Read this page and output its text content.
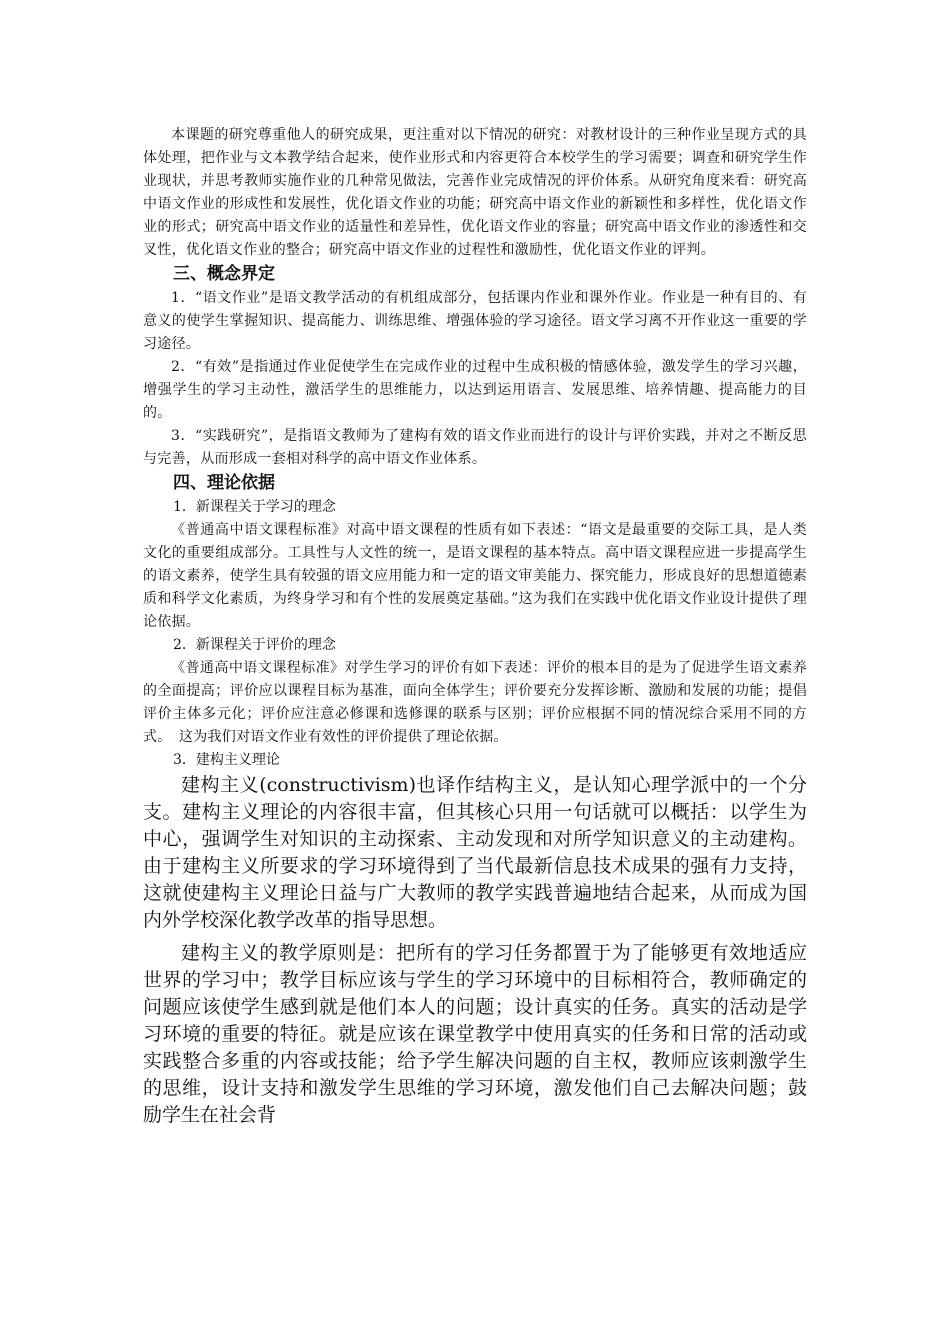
本课题的研究尊重他人的研究成果，更注重对以下情况的研究：对教材设计的三种作业呈现方式的具体处理，把作业与文本教学结合起来，使作业形式和内容更符合本校学生的学习需要；调查和研究学生作业现状，并思考教师实施作业的几种常见做法，完善作业完成情况的评价体系。从研究角度来看：研究高中语文作业的形成性和发展性，优化语文作业的功能；研究高中语文作业的新颖性和多样性，优化语文作业的形式；研究高中语文作业的适量性和差异性，优化语文作业的容量；研究高中语文作业的渗透性和交叉性，优化语文作业的整合；研究高中语文作业的过程性和激励性，优化语文作业的评判。

三、概念界定

1．“语文作业”是语文教学活动的有机组成部分，包括课内作业和课外作业。作业是一种有目的、有意义的使学生掌握知识、提高能力、训练思维、增强体验的学习途径。语文学习离不开作业这一重要的学习途径。

2．“有效”是指通过作业促使学生在完成作业的过程中生成积极的情感体验，激发学生的学习兴趣，增强学生的学习主动性，激活学生的思维能力，以达到运用语言、发展思维、培养情趣、提高能力的目的。

3．“实践研究”，是指语文教师为了建构有效的语文作业而进行的设计与评价实践，并对之不断反思与完善，从而形成一套相对科学的高中语文作业体系。

四、理论依据

1．新课程关于学习的理念

《普通高中语文课程标准》对高中语文课程的性质有如下表述：“语文是最重要的交际工具，是人类文化的重要组成部分。工具性与人文性的统一，是语文课程的基本特点。高中语文课程应进一步提高学生的语文素养，使学生具有较强的语文应用能力和一定的语文审美能力、探究能力，形成良好的思想道德素质和科学文化素质，为终身学习和有个性的发展奠定基础。”这为我们在实践中优化语文作业设计提供了理论依据。

2．新课程关于评价的理念

《普通高中语文课程标准》对学生学习的评价有如下表述：评价的根本目的是为了促进学生语文素养的全面提高；评价应以课程目标为基准，面向全体学生；评价要充分发挥诊断、激励和发展的功能；提倡评价主体多元化；评价应注意必修课和选修课的联系与区别；评价应根据不同的情况综合采用不同的方式。　这为我们对语文作业有效性的评价提供了理论依据。

3．建构主义理论

建构主义(constructivism)也译作结构主义，是认知心理学派中的一个分支。建构主义理论的内容很丰富，但其核心只用一句话就可以概括：以学生为中心，强调学生对知识的主动探索、主动发现和对所学知识意义的主动建构。由于建构主义所要求的学习环境得到了当代最新信息技术成果的强有力支持，这就使建构主义理论日益与广大教师的教学实践普遍地结合起来，从而成为国内外学校深化教学改革的指导思想。

建构主义的教学原则是：把所有的学习任务都置于为了能够更有效地适应世界的学习中；教学目标应该与学生的学习环境中的目标相符合，教师确定的问题应该使学生感到就是他们本人的问题；设计真实的任务。真实的活动是学习环境的重要的特征。就是应该在课堂教学中使用真实的任务和日常的活动或实践整合多重的内容或技能；给予学生解决问题的自主权，教师应该刺激学生的思维，设计支持和激发学生思维的学习环境，激发他们自己去解决问题；鼓励学生在社会背
